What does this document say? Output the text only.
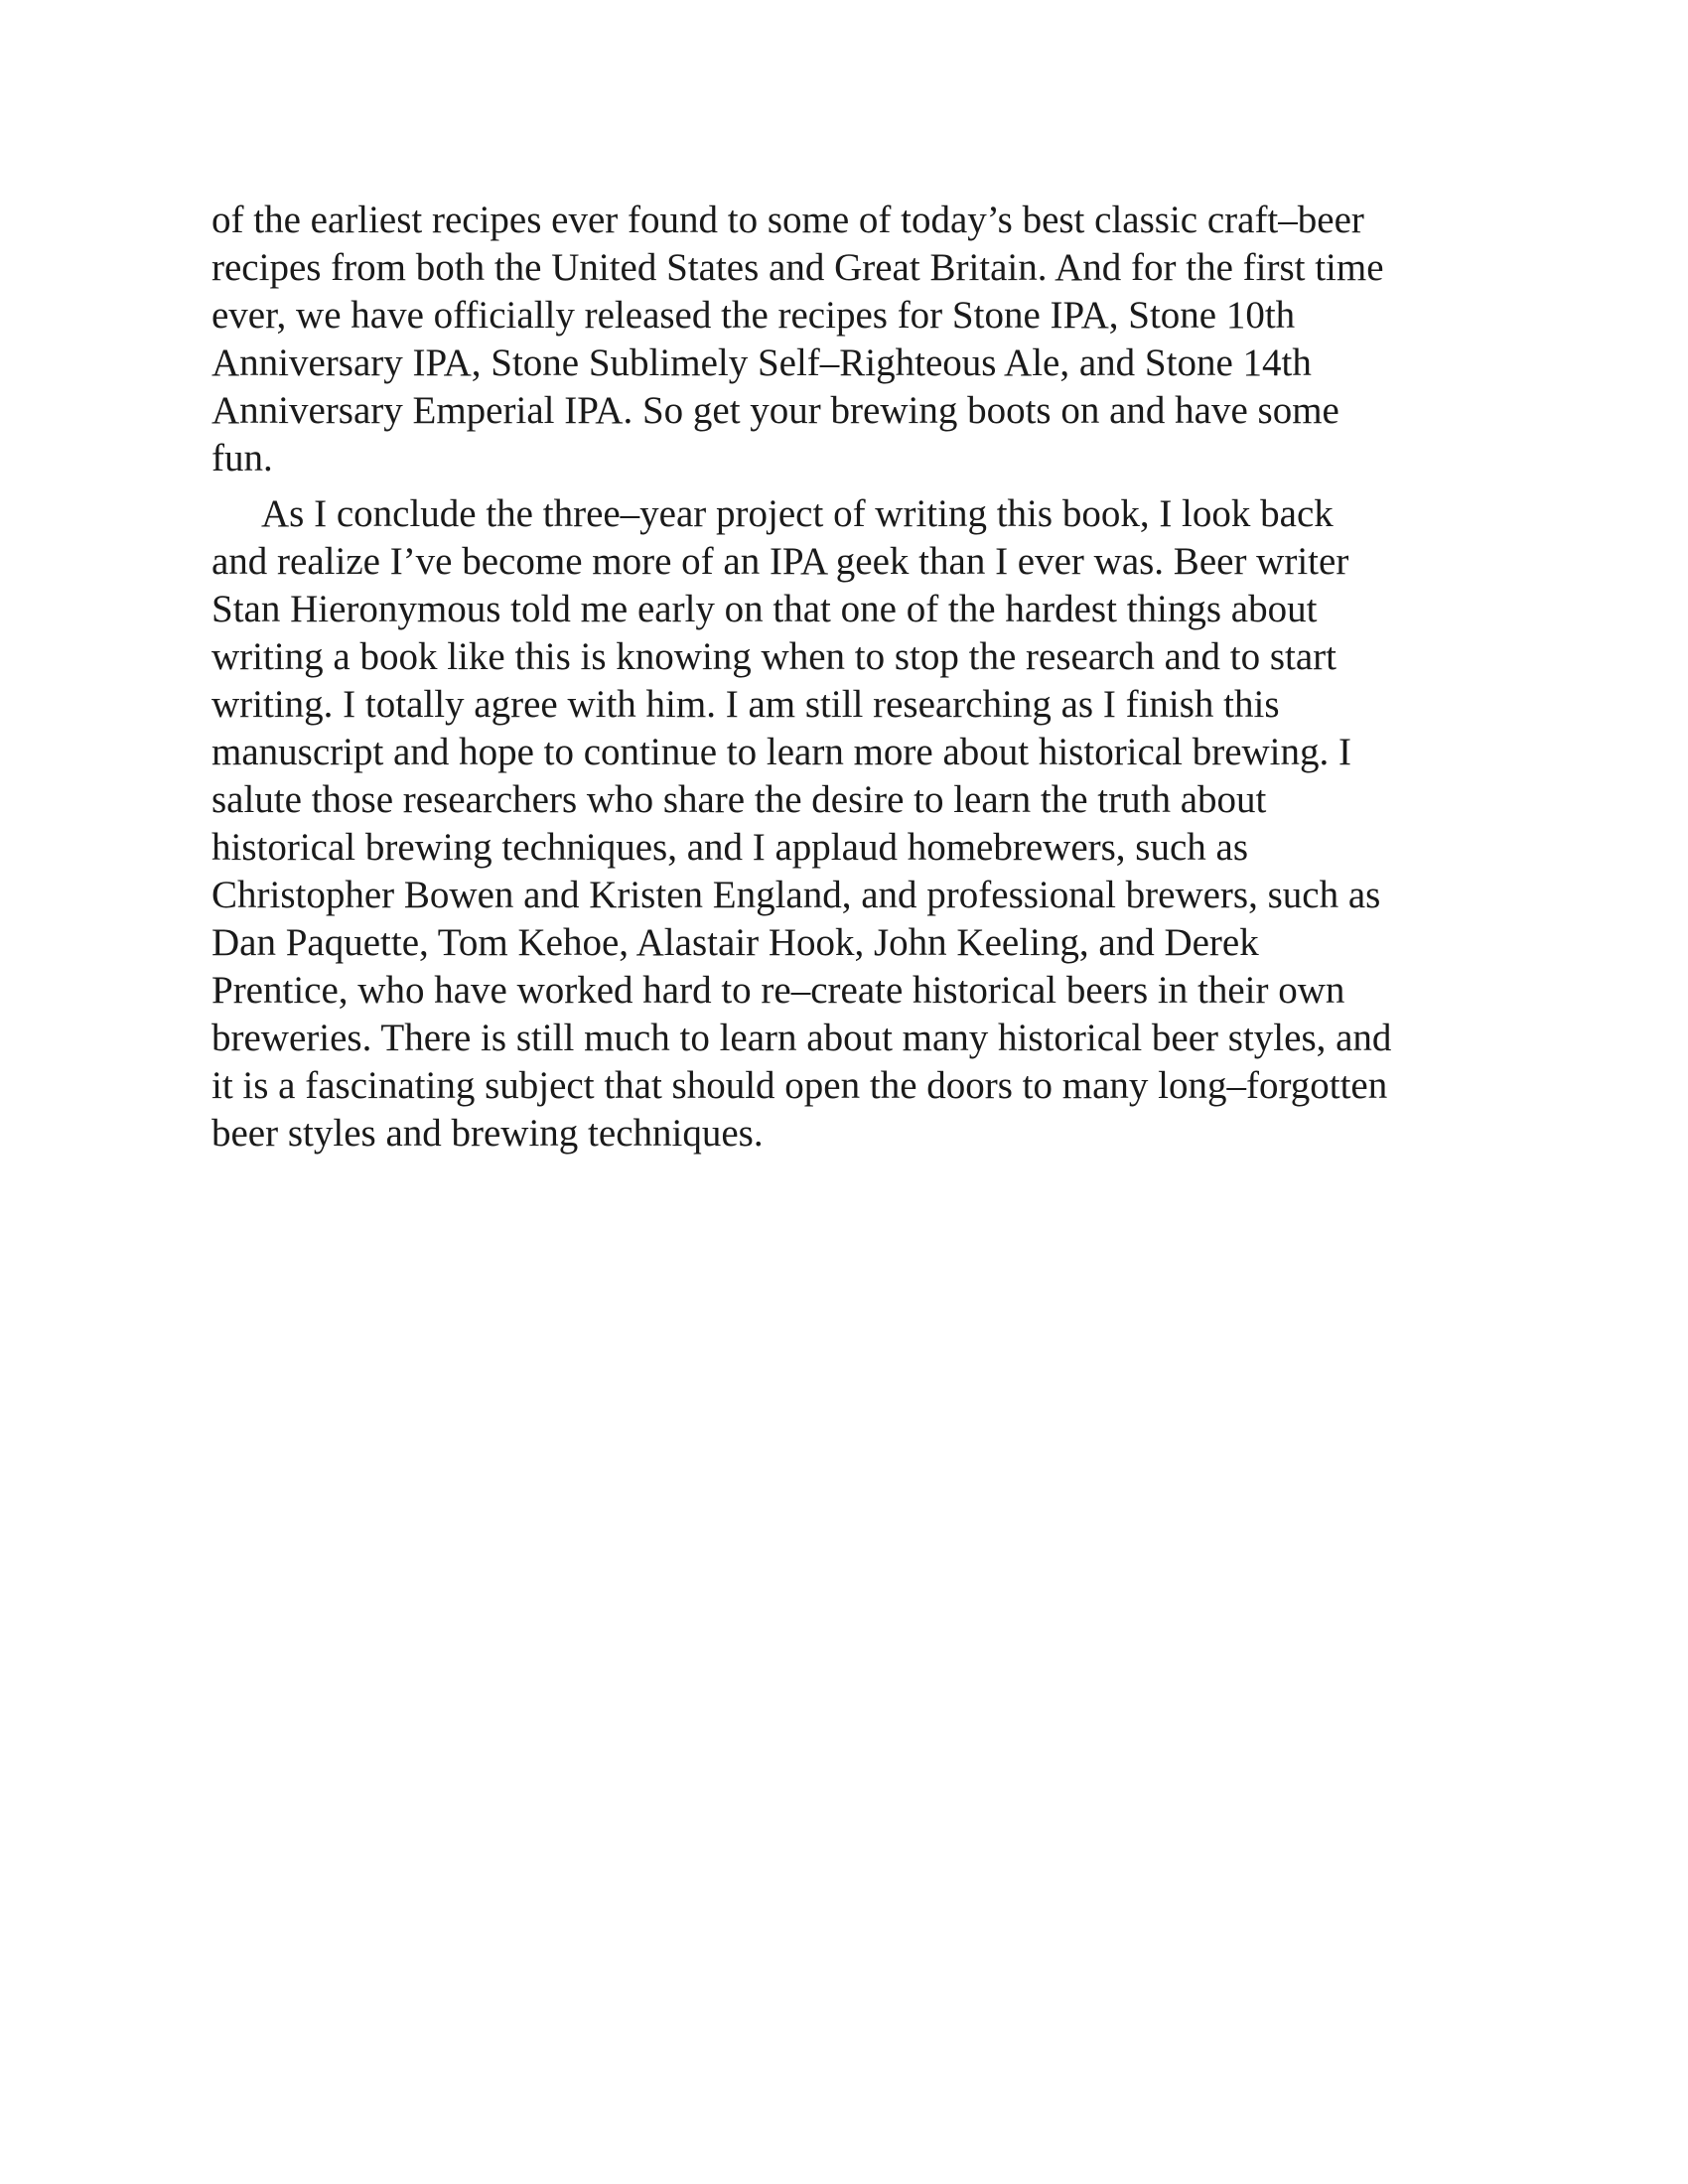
of the earliest recipes ever found to some of today’s best classic craft–beer
recipes from both the United States and Great Britain. And for the first time
ever, we have officially released the recipes for Stone IPA, Stone 10th
Anniversary IPA, Stone Sublimely Self–Righteous Ale, and Stone 14th
Anniversary Emperial IPA. So get your brewing boots on and have some
fun.
As I conclude the three–year project of writing this book, I look back
and realize I’ve become more of an IPA geek than I ever was. Beer writer
Stan Hieronymous told me early on that one of the hardest things about
writing a book like this is knowing when to stop the research and to start
writing. I totally agree with him. I am still researching as I finish this
manuscript and hope to continue to learn more about historical brewing. I
salute those researchers who share the desire to learn the truth about
historical brewing techniques, and I applaud homebrewers, such as
Christopher Bowen and Kristen England, and professional brewers, such as
Dan Paquette, Tom Kehoe, Alastair Hook, John Keeling, and Derek
Prentice, who have worked hard to re–create historical beers in their own
breweries. There is still much to learn about many historical beer styles, and
it is a fascinating subject that should open the doors to many long–forgotten
beer styles and brewing techniques.
